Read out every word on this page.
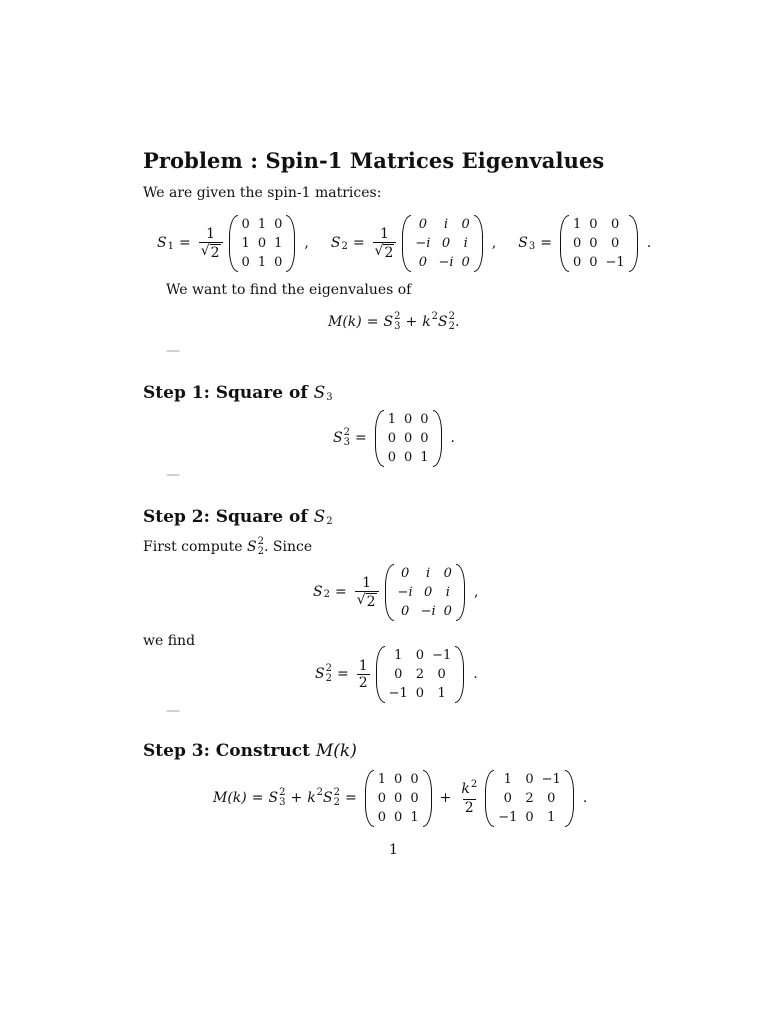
Problem : Spin-1 Matrices Eigenvalues
We are given the spin-1 matrices:
$S_1 = \frac{1}{√ 2}$
0	1	0
1	0	1
0	1	0
, $S_2 = \frac{1}{√ 2}$
0	i	0
−i	0	i
0	−i	0
, $S_3$ =
1	0	0
0	0	0
0	0	−1
.
We want to find the eigenvalues of
M(k) = S 2
$3 + k^2$ S 2
2 .
—
Step 1: Square of $S_3$
S 2
3 =
1	0	0
0	0	0
0	0	1
.
—
Step 2: Square of $S_2$
First compute S 2
2 . Since
$S_2 = \frac{1}{√ 2}$
0	i	0
−i	0	i
0	−i	0
,
we find
S 2
$2 = \frac{1}{2}$
1	0	−1
0	2	0
−1	0	1
.
—
Step 3: Construct M(k)
M(k) = S 2
$3 + k^2$ S 2
2 =
1	0	0
0	0	0
0	0	1
+ $\frac{k^2}{2}$
1	0	−1
0	2	0
−1	0	1
.
1
